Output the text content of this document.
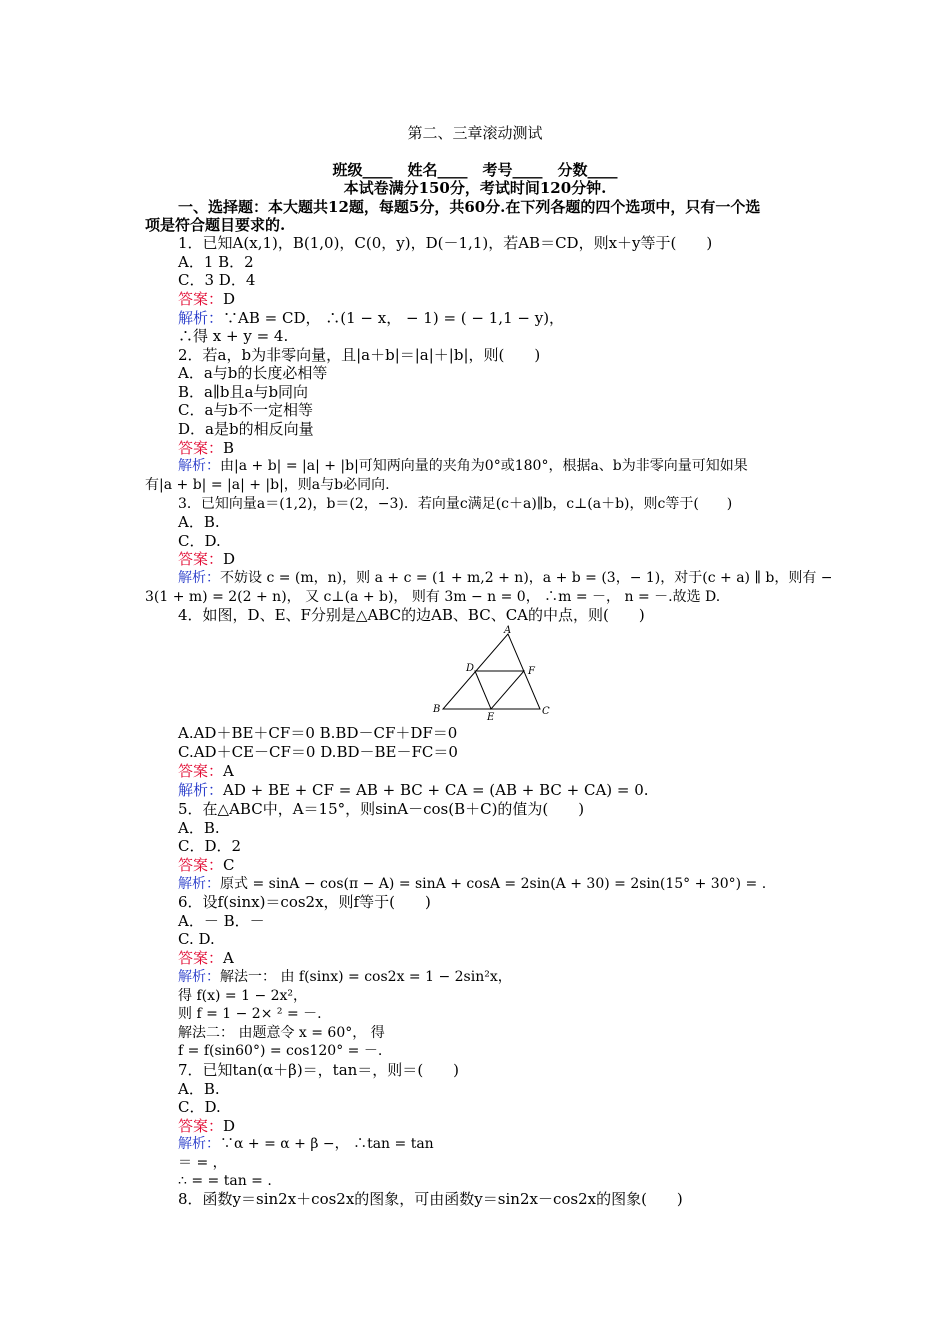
第二、三章滚动测试
班级____　姓名____　考号____　分数____
本试卷满分150分，考试时间120分钟.
一、选择题：本大题共12题，每题5分，共60分.在下列各题的四个选项中，只有一个选
项是符合题目要求的.
1．已知A(x,1)，B(1,0)，C(0，y)，D(－1,1)，若AB＝CD，则x＋y等于(　　)
A．1 B．2
C．3 D．4
答案：D
解析：∵AB = CD， ∴(1 − x， − 1) = ( − 1,1 − y)，
∴得 x + y = 4.
2．若a，b为非零向量，且|a＋b|＝|a|＋|b|，则(　　)
A．a与b的长度必相等
B．a∥b且a与b同向
C．a与b不一定相等
D．a是b的相反向量
答案：B
解析：由|a + b| = |a| + |b|可知两向量的夹角为0°或180°，根据a、b为非零向量可知如果
有|a + b| = |a| + |b|，则a与b必同向.
3．已知向量a＝(1,2)，b＝(2，−3)．若向量c满足(c＋a)∥b，c⊥(a＋b)，则c等于(　　)
A．B.
C．D.
答案：D
解析：不妨设 c = (m，n)，则 a + c = (1 + m,2 + n)，a + b = (3，− 1)，对于(c + a) ∥ b，则有 −
3(1 + m) = 2(2 + n)， 又 c⊥(a + b)， 则有 3m − n = 0， ∴m = －， n = －.故选 D.
4．如图，D、E、F分别是△ABC的边AB、BC、CA的中点，则(　　)
A
B	C
D
E
F
A.AD＋BE＋CF＝0 B.BD－CF＋DF＝0
C.AD＋CE－CF＝0 D.BD－BE－FC＝0
答案：A
解析：AD + BE + CF = AB + BC + CA = (AB + BC + CA) = 0.
5．在△ABC中，A＝15°，则sinA－cos(B＋C)的值为(　　)
A．B.
C．D．2
答案：C
解析：原式 = sinA − cos(π − A) = sinA + cosA = 2sin(A + 30) = 2sin(15° + 30°) = .
6．设f(sinx)＝cos2x，则f等于(　　)
A．－ B．－
C. D.
答案：A
解析：解法一： 由 f(sinx) = cos2x = 1 − 2sin²x，
得 f(x) = 1 − 2x²，
则 f = 1 − 2× ² = －.
解法二： 由题意令 x = 60°， 得
f = f(sin60°) = cos120° = －.
7．已知tan(α＋β)＝，tan＝，则＝(　　)
A．B.
C．D.
答案：D
解析：∵α + = α + β −， ∴tan = tan
＝ = ，
∴ = = tan = .
8．函数y＝sin2x＋cos2x的图象，可由函数y＝sin2x－cos2x的图象(　　)
